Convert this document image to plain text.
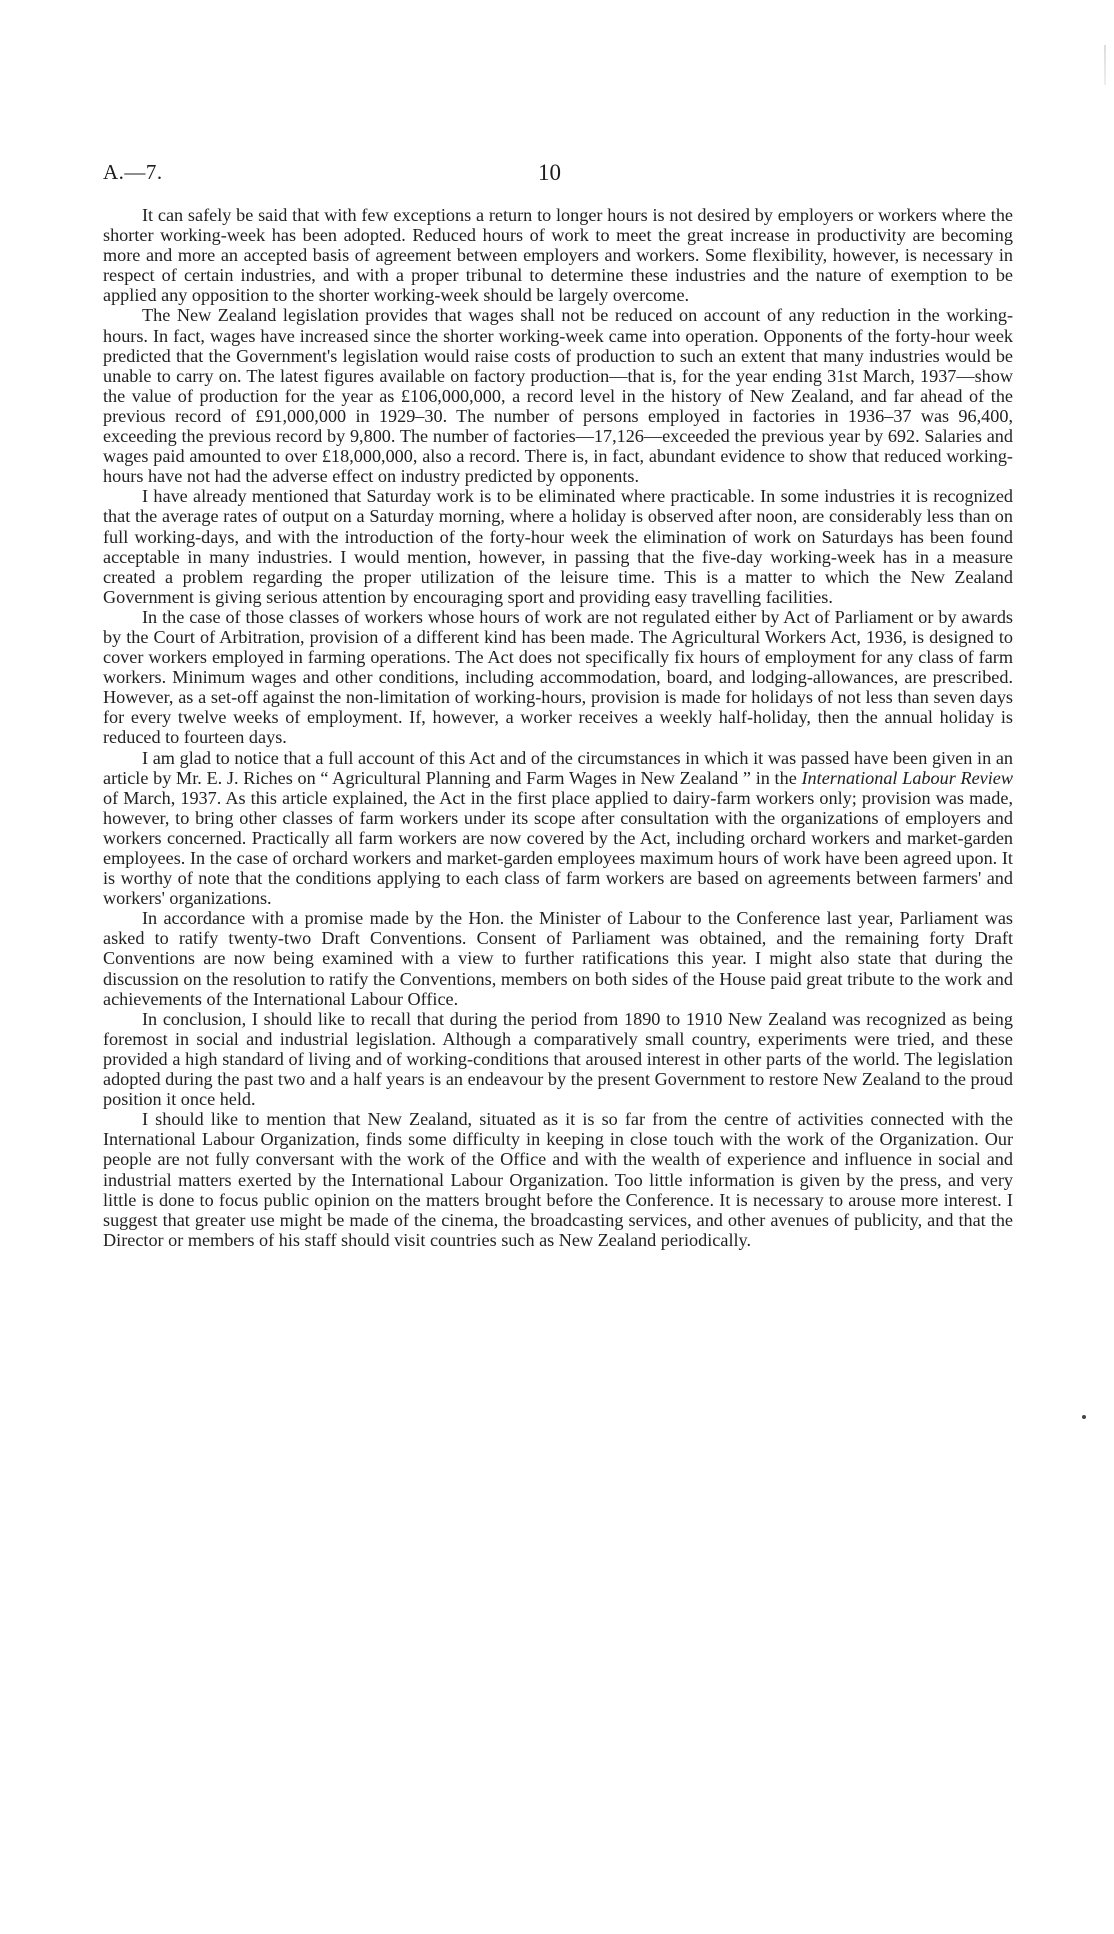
A.—7.	10

It can safely be said that with few exceptions a return to longer hours is not desired by employers or workers where the shorter working-week has been adopted. Reduced hours of work to meet the great increase in productivity are becoming more and more an accepted basis of agreement between employers and workers. Some flexibility, however, is necessary in respect of certain industries, and with a proper tribunal to determine these industries and the nature of exemption to be applied any opposition to the shorter working-week should be largely overcome.

The New Zealand legislation provides that wages shall not be reduced on account of any reduction in the working-hours. In fact, wages have increased since the shorter working-week came into operation. Opponents of the forty-hour week predicted that the Government's legislation would raise costs of production to such an extent that many industries would be unable to carry on. The latest figures available on factory production—that is, for the year ending 31st March, 1937—show the value of production for the year as £106,000,000, a record level in the history of New Zealand, and far ahead of the previous record of £91,000,000 in 1929–30. The number of persons employed in factories in 1936–37 was 96,400, exceeding the previous record by 9,800. The number of factories—17,126—exceeded the previous year by 692. Salaries and wages paid amounted to over £18,000,000, also a record. There is, in fact, abundant evidence to show that reduced working-hours have not had the adverse effect on industry predicted by opponents.

I have already mentioned that Saturday work is to be eliminated where practicable. In some industries it is recognized that the average rates of output on a Saturday morning, where a holiday is observed after noon, are considerably less than on full working-days, and with the introduction of the forty-hour week the elimination of work on Saturdays has been found acceptable in many industries. I would mention, however, in passing that the five-day working-week has in a measure created a problem regarding the proper utilization of the leisure time. This is a matter to which the New Zealand Government is giving serious attention by encouraging sport and providing easy travelling facilities.

In the case of those classes of workers whose hours of work are not regulated either by Act of Parliament or by awards by the Court of Arbitration, provision of a different kind has been made. The Agricultural Workers Act, 1936, is designed to cover workers employed in farming operations. The Act does not specifically fix hours of employment for any class of farm workers. Minimum wages and other conditions, including accommodation, board, and lodging-allowances, are prescribed. However, as a set-off against the non-limitation of working-hours, provision is made for holidays of not less than seven days for every twelve weeks of employment. If, however, a worker receives a weekly half-holiday, then the annual holiday is reduced to fourteen days.

I am glad to notice that a full account of this Act and of the circumstances in which it was passed have been given in an article by Mr. E. J. Riches on “ Agricultural Planning and Farm Wages in New Zealand ” in the International Labour Review of March, 1937. As this article explained, the Act in the first place applied to dairy-farm workers only; provision was made, however, to bring other classes of farm workers under its scope after consultation with the organizations of employers and workers concerned. Practically all farm workers are now covered by the Act, including orchard workers and market-garden employees. In the case of orchard workers and market-garden employees maximum hours of work have been agreed upon. It is worthy of note that the conditions applying to each class of farm workers are based on agreements between farmers' and workers' organizations.

In accordance with a promise made by the Hon. the Minister of Labour to the Conference last year, Parliament was asked to ratify twenty-two Draft Conventions. Consent of Parliament was obtained, and the remaining forty Draft Conventions are now being examined with a view to further ratifications this year. I might also state that during the discussion on the resolution to ratify the Conventions, members on both sides of the House paid great tribute to the work and achievements of the International Labour Office.

In conclusion, I should like to recall that during the period from 1890 to 1910 New Zealand was recognized as being foremost in social and industrial legislation. Although a comparatively small country, experiments were tried, and these provided a high standard of living and of working-conditions that aroused interest in other parts of the world. The legislation adopted during the past two and a half years is an endeavour by the present Government to restore New Zealand to the proud position it once held.

I should like to mention that New Zealand, situated as it is so far from the centre of activities connected with the International Labour Organization, finds some difficulty in keeping in close touch with the work of the Organization. Our people are not fully conversant with the work of the Office and with the wealth of experience and influence in social and industrial matters exerted by the International Labour Organization. Too little information is given by the press, and very little is done to focus public opinion on the matters brought before the Conference. It is necessary to arouse more interest. I suggest that greater use might be made of the cinema, the broadcasting services, and other avenues of publicity, and that the Director or members of his staff should visit countries such as New Zealand periodically.
